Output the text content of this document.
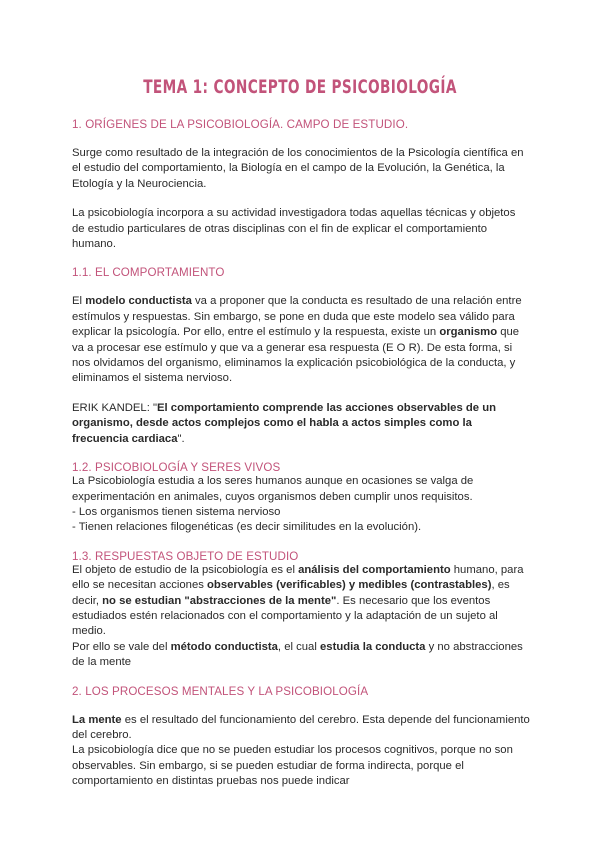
TEMA 1: CONCEPTO DE PSICOBIOLOGÍA
1. ORÍGENES DE LA PSICOBIOLOGÍA. CAMPO DE ESTUDIO.

Surge como resultado de la integración de los conocimientos de la Psicología científica en el estudio del comportamiento, la Biología en el campo de la Evolución, la Genética, la Etología y la Neurociencia.

La psicobiología incorpora a su actividad investigadora todas aquellas técnicas y objetos de estudio particulares de otras disciplinas con el fin de explicar el comportamiento humano.

1.1. EL COMPORTAMIENTO

El modelo conductista va a proponer que la conducta es resultado de una relación entre estímulos y respuestas. Sin embargo, se pone en duda que este modelo sea válido para explicar la psicología. Por ello, entre el estímulo y la respuesta, existe un organismo que va a procesar ese estímulo y que va a generar esa respuesta (E O R). De esta forma, si nos olvidamos del organismo, eliminamos la explicación psicobiológica de la conducta, y eliminamos el sistema nervioso.

ERIK KANDEL: "El comportamiento comprende las acciones observables de un organismo, desde actos complejos como el habla a actos simples como la frecuencia cardiaca".

1.2. PSICOBIOLOGÍA Y SERES VIVOS

La Psicobiología estudia a los seres humanos aunque en ocasiones se valga de experimentación en animales, cuyos organismos deben cumplir unos requisitos.

- Los organismos tienen sistema nervioso

- Tienen relaciones filogenéticas (es decir similitudes en la evolución).

1.3. RESPUESTAS OBJETO DE ESTUDIO

El objeto de estudio de la psicobiología es el análisis del comportamiento humano, para ello se necesitan acciones observables (verificables) y medibles (contrastables), es decir, no se estudian "abstracciones de la mente". Es necesario que los eventos estudiados estén relacionados con el comportamiento y la adaptación de un sujeto al medio.

Por ello se vale del método conductista, el cual estudia la conducta y no abstracciones de la mente

2. LOS PROCESOS MENTALES Y LA PSICOBIOLOGÍA

La mente es el resultado del funcionamiento del cerebro. Esta depende del funcionamiento del cerebro.

La psicobiología dice que no se pueden estudiar los procesos cognitivos, porque no son observables. Sin embargo, si se pueden estudiar de forma indirecta, porque el comportamiento en distintas pruebas nos puede indicar
